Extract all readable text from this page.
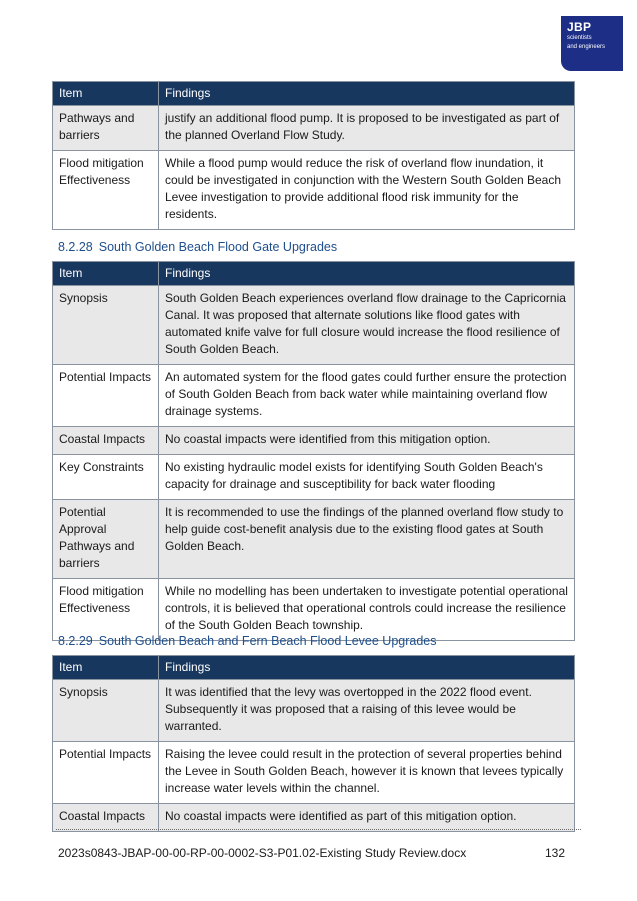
JBP
scientists
and engineers
Item	Findings
Pathways and barriers	justify an additional flood pump. It is proposed to be investigated as part of the planned Overland Flow Study.
Flood mitigation Effectiveness	While a flood pump would reduce the risk of overland flow inundation, it could be investigated in conjunction with the Western South Golden Beach Levee investigation to provide additional flood risk immunity for the residents.
8.2.28 South Golden Beach Flood Gate Upgrades
Item	Findings
Synopsis	South Golden Beach experiences overland flow drainage to the Capricornia Canal. It was proposed that alternate solutions like flood gates with automated knife valve for full closure would increase the flood resilience of South Golden Beach.
Potential Impacts	An automated system for the flood gates could further ensure the protection of South Golden Beach from back water while maintaining overland flow drainage systems.
Coastal Impacts	No coastal impacts were identified from this mitigation option.
Key Constraints	No existing hydraulic model exists for identifying South Golden Beach's capacity for drainage and susceptibility for back water flooding
Potential Approval Pathways and barriers	It is recommended to use the findings of the planned overland flow study to help guide cost-benefit analysis due to the existing flood gates at South Golden Beach.
Flood mitigation Effectiveness	While no modelling has been undertaken to investigate potential operational controls, it is believed that operational controls could increase the resilience of the South Golden Beach township.
8.2.29 South Golden Beach and Fern Beach Flood Levee Upgrades
Item	Findings
Synopsis	It was identified that the levy was overtopped in the 2022 flood event. Subsequently it was proposed that a raising of this levee would be warranted.
Potential Impacts	Raising the levee could result in the protection of several properties behind the Levee in South Golden Beach, however it is known that levees typically increase water levels within the channel.
Coastal Impacts	No coastal impacts were identified as part of this mitigation option.
2023s0843-JBAP-00-00-RP-00-0002-S3-P01.02-Existing Study Review.docx	132
